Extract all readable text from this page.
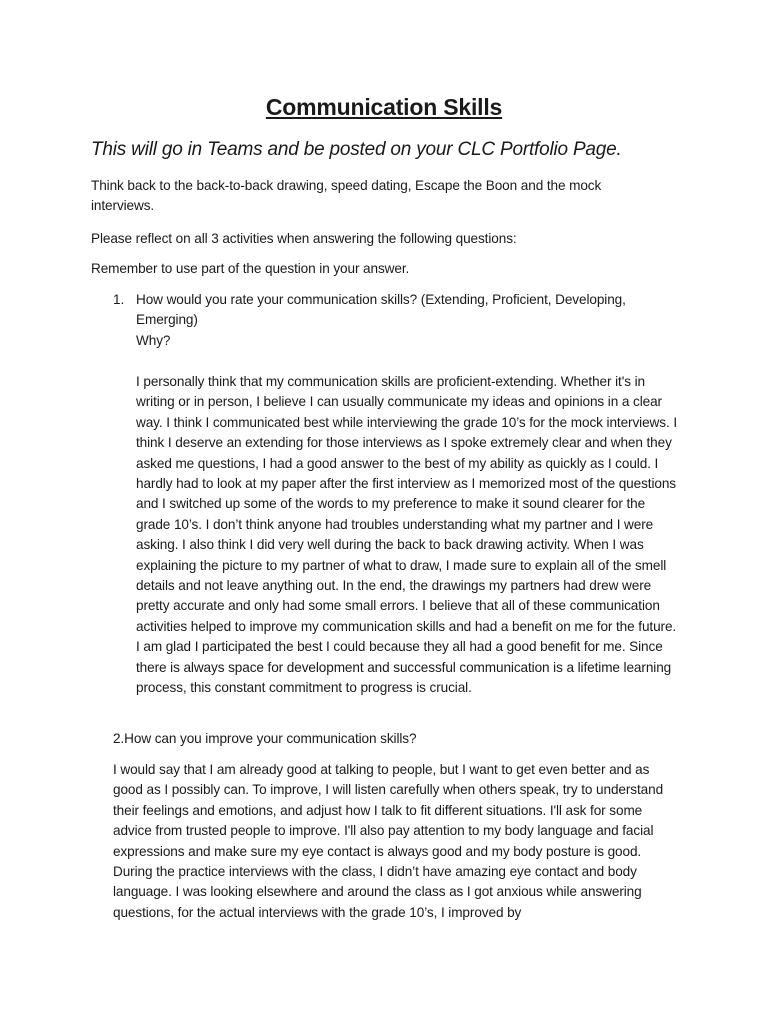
Communication Skills

This will go in Teams and be posted on your CLC Portfolio Page.

Think back to the back-to-back drawing, speed dating, Escape the Boon and the mock interviews.

Please reflect on all 3 activities when answering the following questions:

Remember to use part of the question in your answer.

1. How would you rate your communication skills? (Extending, Proficient, Developing, Emerging)

Why?

I personally think that my communication skills are proficient-extending. Whether it's in writing or in person, I believe I can usually communicate my ideas and opinions in a clear way. I think I communicated best while interviewing the grade 10’s for the mock interviews. I think I deserve an extending for those interviews as I spoke extremely clear and when they asked me questions, I had a good answer to the best of my ability as quickly as I could. I hardly had to look at my paper after the first interview as I memorized most of the questions and I switched up some of the words to my preference to make it sound clearer for the grade 10’s. I don’t think anyone had troubles understanding what my partner and I were asking. I also think I did very well during the back to back drawing activity. When I was explaining the picture to my partner of what to draw, I made sure to explain all of the smell details and not leave anything out. In the end, the drawings my partners had drew were pretty accurate and only had some small errors. I believe that all of these communication activities helped to improve my communication skills and had a benefit on me for the future. I am glad I participated the best I could because they all had a good benefit for me. Since there is always space for development and successful communication is a lifetime learning process, this constant commitment to progress is crucial.

2.How can you improve your communication skills?

I would say that I am already good at talking to people, but I want to get even better and as good as I possibly can. To improve, I will listen carefully when others speak, try to understand their feelings and emotions, and adjust how I talk to fit different situations. I'll ask for some advice from trusted people to improve. I'll also pay attention to my body language and facial expressions and make sure my eye contact is always good and my body posture is good. During the practice interviews with the class, I didn’t have amazing eye contact and body language. I was looking elsewhere and around the class as I got anxious while answering questions, for the actual interviews with the grade 10’s, I improved by
